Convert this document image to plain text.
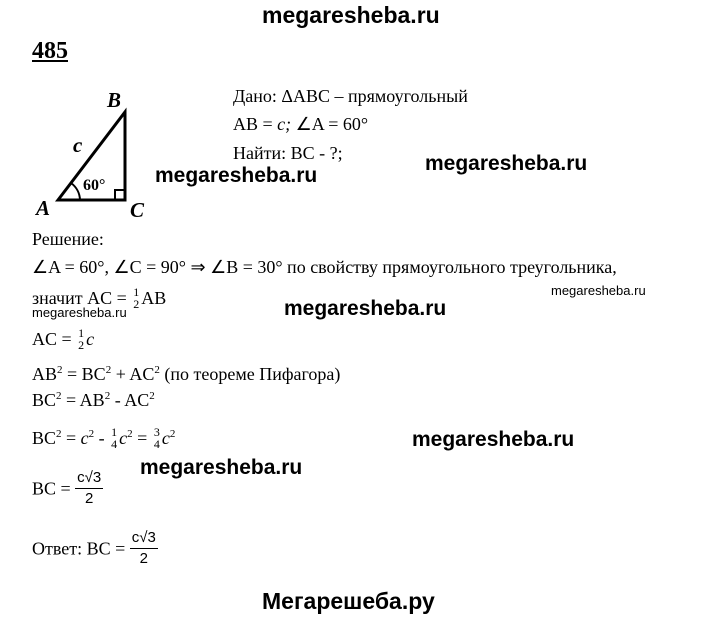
megaresheba.ru
485
B
A	C
c
60°
Дано: ΔABC – прямоугольный
AB = c; ∠A = 60°
Найти: BC - ?;	megaresheba.ru
megaresheba.ru
megaresheba.ru
megaresheba.ru
megaresheba.ru
megaresheba.ru
megaresheba.ru
Решение:
∠A = 60°, ∠C = 90° ⇒ ∠B = 30° по свойству прямоугольного треугольника,
значит AC = 1
2 AB
AC = 1
2 c
$AB^2 = BC^2 + AC^2$ (по теореме Пифагора)
$BC^2 = AB^2 - AC^2$
$BC^2 = c^2 - 1$
4 $c^2 = 3$
4 $c^2$
BC = $\frac{c√3}{2}$
Ответ: BC = $\frac{c√3}{2}$
Мегарешеба.ру
